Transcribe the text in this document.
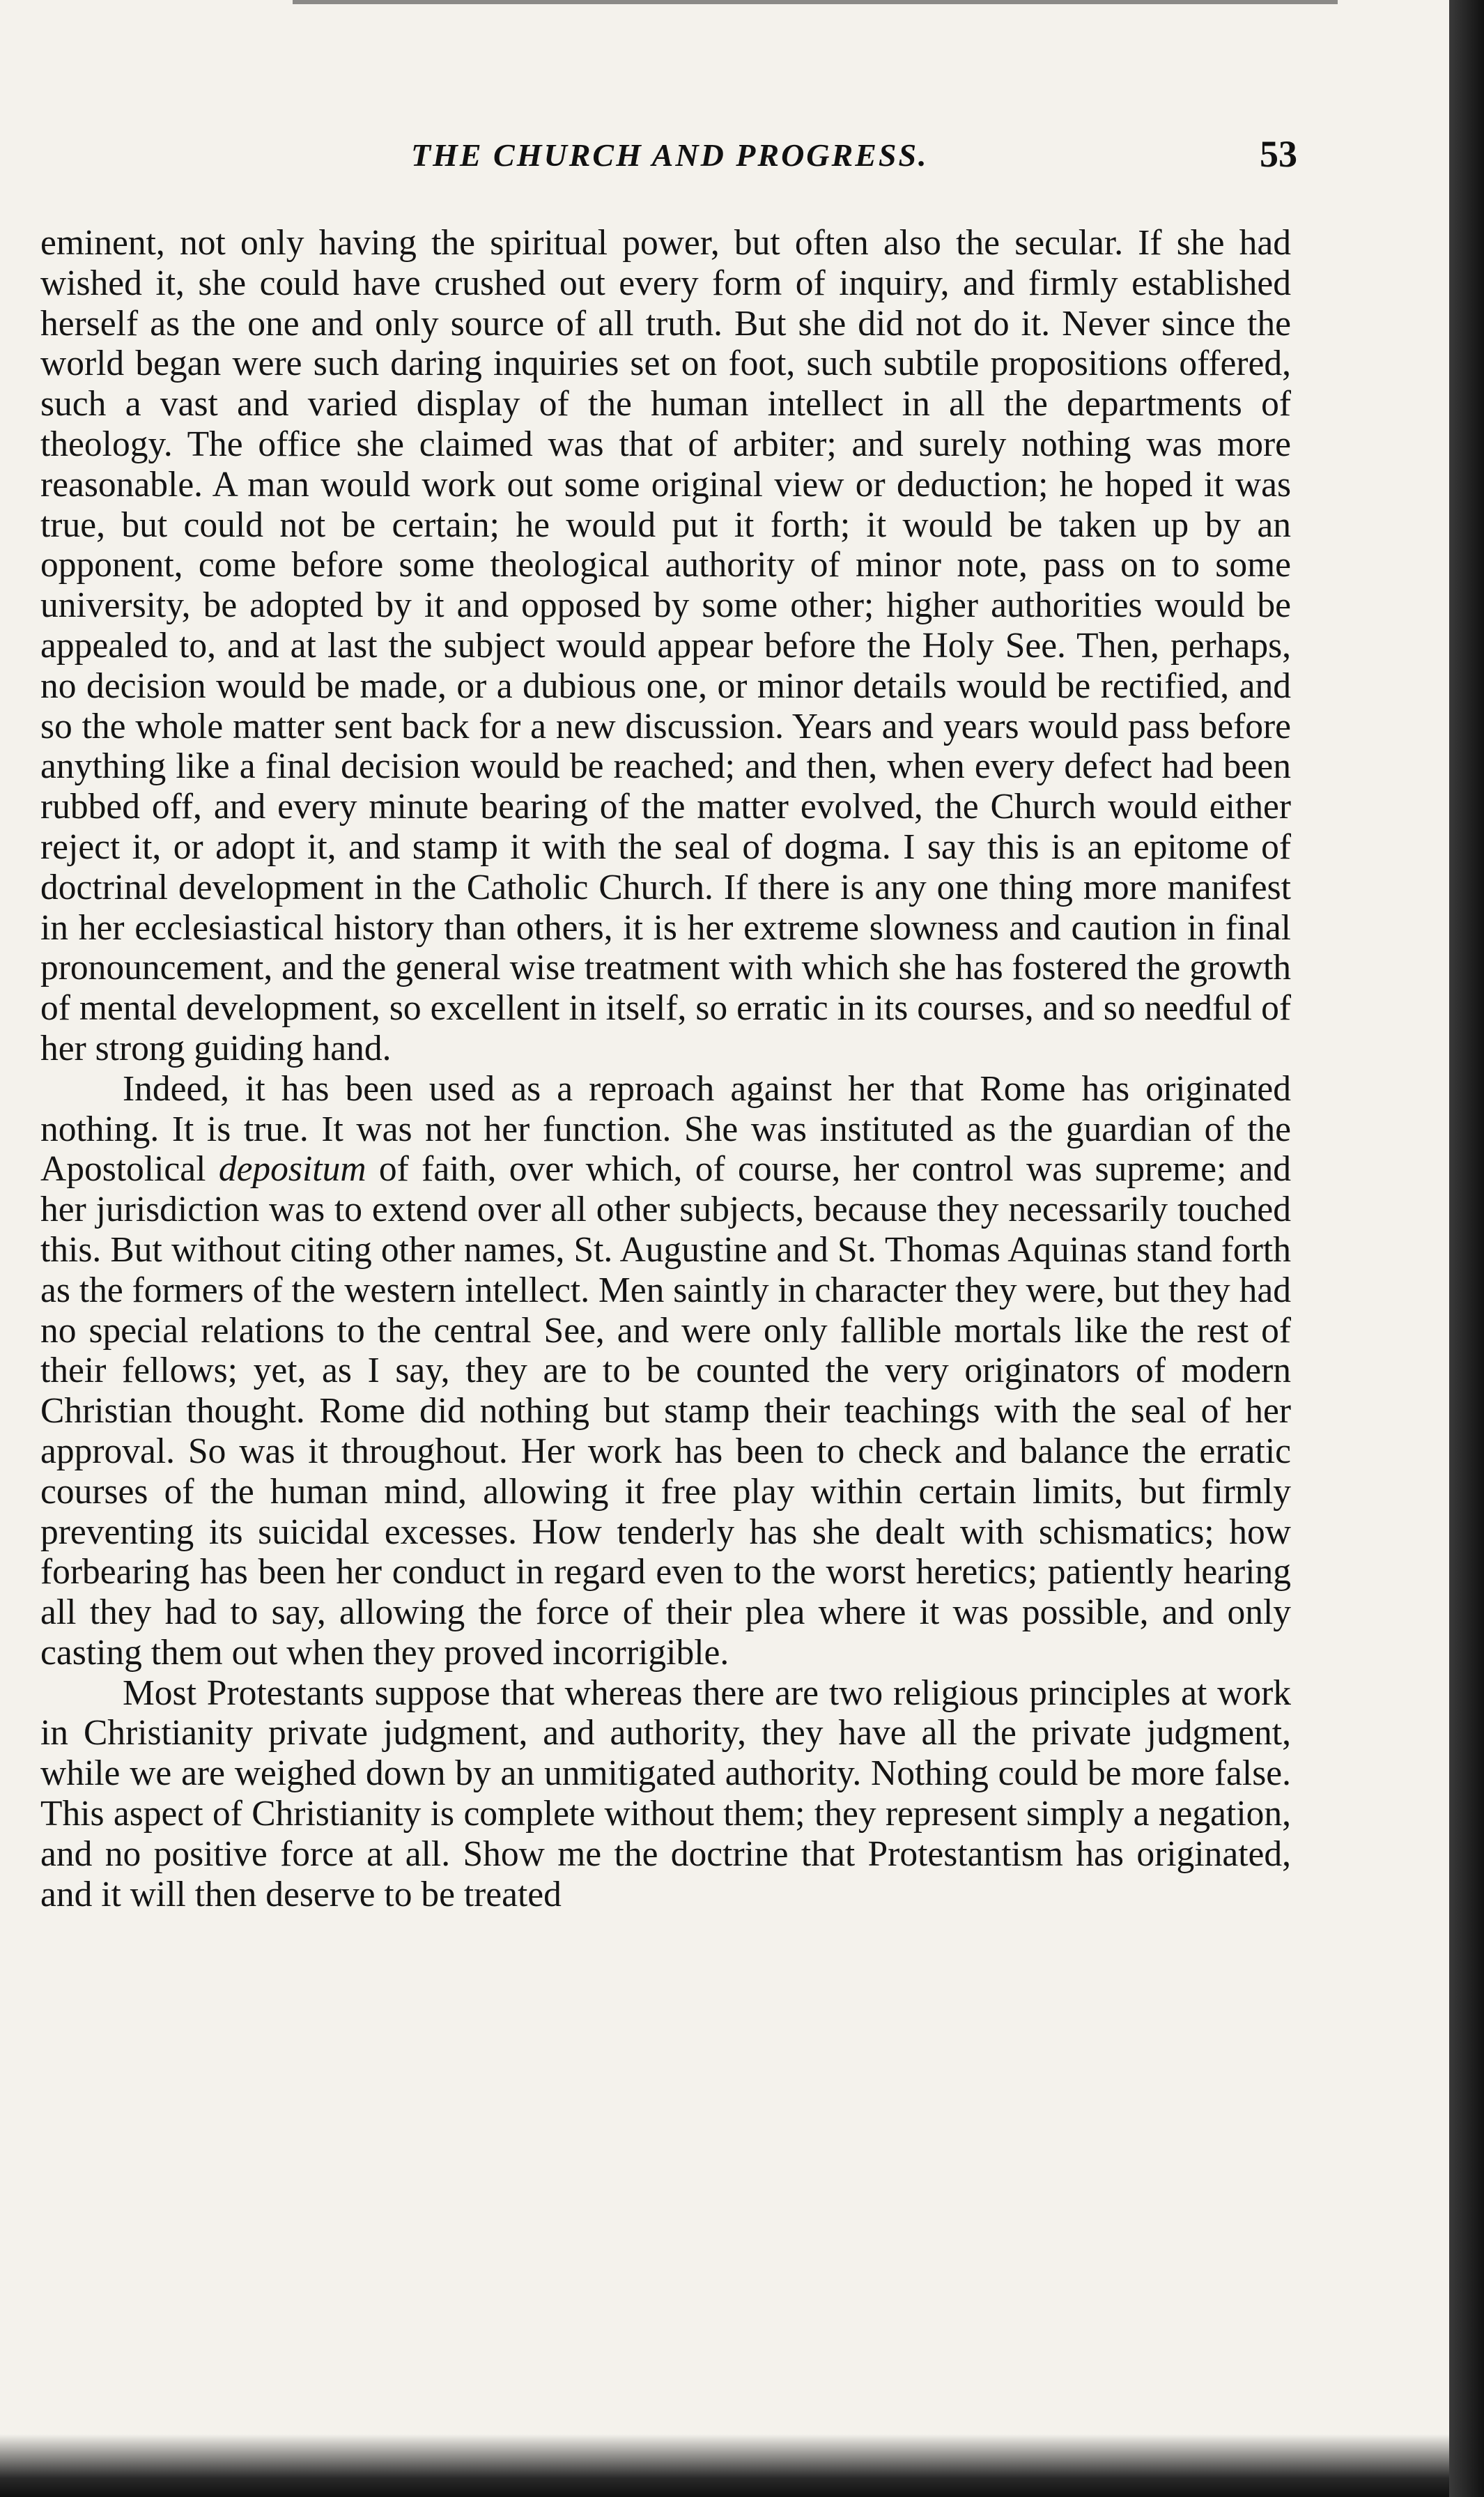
THE CHURCH AND PROGRESS.	53

eminent, not only having the spiritual power, but often also the secular. If she had wished it, she could have crushed out every form of inquiry, and firmly established herself as the one and only source of all truth. But she did not do it. Never since the world began were such daring inquiries set on foot, such subtile propositions offered, such a vast and varied display of the human intellect in all the departments of theology. The office she claimed was that of arbiter; and surely nothing was more reasonable. A man would work out some original view or deduction; he hoped it was true, but could not be certain; he would put it forth; it would be taken up by an opponent, come before some theological authority of minor note, pass on to some university, be adopted by it and opposed by some other; higher authorities would be appealed to, and at last the subject would appear before the Holy See. Then, perhaps, no decision would be made, or a dubious one, or minor details would be rectified, and so the whole matter sent back for a new discussion. Years and years would pass before anything like a final decision would be reached; and then, when every defect had been rubbed off, and every minute bearing of the matter evolved, the Church would either reject it, or adopt it, and stamp it with the seal of dogma. I say this is an epitome of doctrinal development in the Catholic Church. If there is any one thing more manifest in her ecclesiastical history than others, it is her extreme slowness and caution in final pronouncement, and the general wise treatment with which she has fostered the growth of mental development, so excellent in itself, so erratic in its courses, and so needful of her strong guiding hand.

Indeed, it has been used as a reproach against her that Rome has originated nothing. It is true. It was not her function. She was instituted as the guardian of the Apostolical depositum of faith, over which, of course, her control was supreme; and her jurisdiction was to extend over all other subjects, because they necessarily touched this. But without citing other names, St. Augustine and St. Thomas Aquinas stand forth as the formers of the western intellect. Men saintly in character they were, but they had no special relations to the central See, and were only fallible mortals like the rest of their fellows; yet, as I say, they are to be counted the very originators of modern Christian thought. Rome did nothing but stamp their teachings with the seal of her approval. So was it throughout. Her work has been to check and balance the erratic courses of the human mind, allowing it free play within certain limits, but firmly preventing its suicidal excesses. How tenderly has she dealt with schismatics; how forbearing has been her conduct in regard even to the worst heretics; patiently hearing all they had to say, allowing the force of their plea where it was possible, and only casting them out when they proved incorrigible.

Most Protestants suppose that whereas there are two religious principles at work in Christianity private judgment, and authority, they have all the private judgment, while we are weighed down by an unmitigated authority. Nothing could be more false. This aspect of Christianity is complete without them; they represent simply a negation, and no positive force at all. Show me the doctrine that Protestantism has originated, and it will then deserve to be treated
